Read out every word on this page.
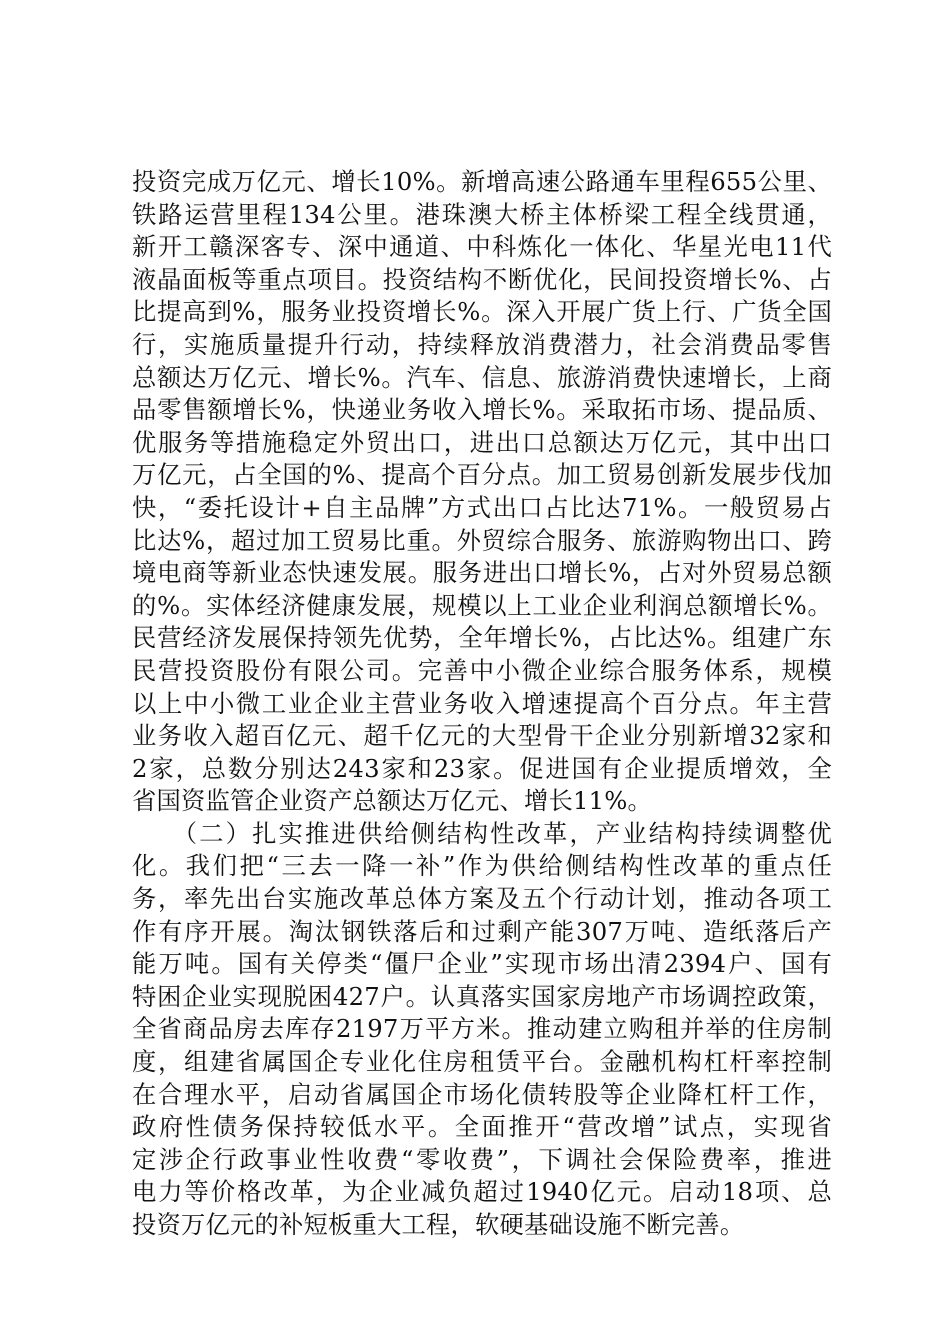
投资完成万亿元、增长10%。新增高速公路通车里程655公里、
铁路运营里程134公里。港珠澳大桥主体桥梁工程全线贯通，
新开工赣深客专、深中通道、中科炼化一体化、华星光电11代
液晶面板等重点项目。投资结构不断优化，民间投资增长%、占
比提高到%，服务业投资增长%。深入开展广货上行、广货全国
行，实施质量提升行动，持续释放消费潜力，社会消费品零售
总额达万亿元、增长%。汽车、信息、旅游消费快速增长，上商
品零售额增长%，快递业务收入增长%。采取拓市场、提品质、
优服务等措施稳定外贸出口，进出口总额达万亿元，其中出口
万亿元，占全国的%、提高个百分点。加工贸易创新发展步伐加
快，“委托设计+自主品牌”方式出口占比达71%。一般贸易占
比达%，超过加工贸易比重。外贸综合服务、旅游购物出口、跨
境电商等新业态快速发展。服务进出口增长%，占对外贸易总额
的%。实体经济健康发展，规模以上工业企业利润总额增长%。
民营经济发展保持领先优势，全年增长%，占比达%。组建广东
民营投资股份有限公司。完善中小微企业综合服务体系，规模
以上中小微工业企业主营业务收入增速提高个百分点。年主营
业务收入超百亿元、超千亿元的大型骨干企业分别新增32家和
2家，总数分别达243家和23家。促进国有企业提质增效，全
省国资监管企业资产总额达万亿元、增长11%。
　　（二）扎实推进供给侧结构性改革，产业结构持续调整优
化。我们把“三去一降一补”作为供给侧结构性改革的重点任
务，率先出台实施改革总体方案及五个行动计划，推动各项工
作有序开展。淘汰钢铁落后和过剩产能307万吨、造纸落后产
能万吨。国有关停类“僵尸企业”实现市场出清2394户、国有
特困企业实现脱困427户。认真落实国家房地产市场调控政策，
全省商品房去库存2197万平方米。推动建立购租并举的住房制
度，组建省属国企专业化住房租赁平台。金融机构杠杆率控制
在合理水平，启动省属国企市场化债转股等企业降杠杆工作，
政府性债务保持较低水平。全面推开“营改增”试点，实现省
定涉企行政事业性收费“零收费”，下调社会保险费率，推进
电力等价格改革，为企业减负超过1940亿元。启动18项、总
投资万亿元的补短板重大工程，软硬基础设施不断完善。
